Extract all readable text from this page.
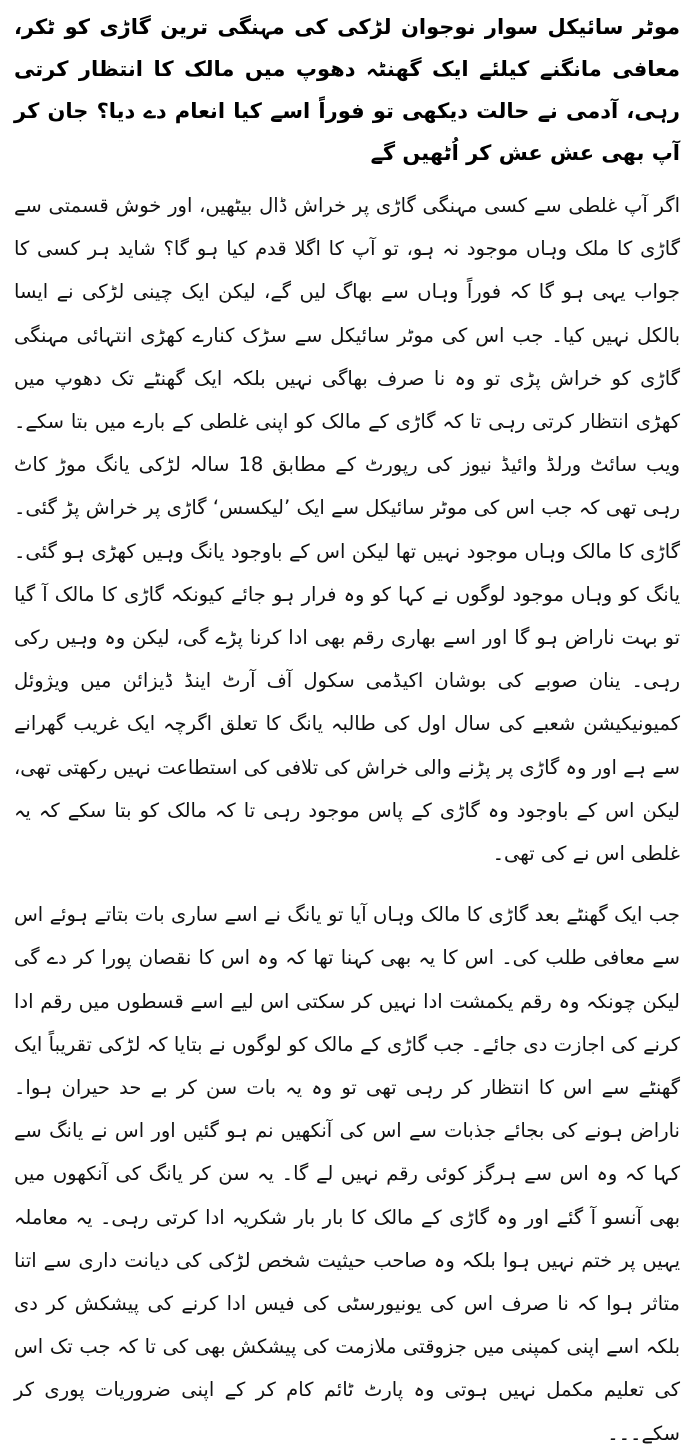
موٹر سائیکل سوار نوجوان لڑکی کی مہنگی ترین گاڑی کو ٹکر، معافی مانگنے کیلئے ایک گھنٹہ دھوپ میں مالک کا انتظار کرتی رہی، آدمی نے حالت دیکھی تو فوراً اسے کیا انعام دے دیا؟ جان کر آپ بھی عش عش کر اُٹھیں گے

اگر آپ غلطی سے کسی مہنگی گاڑی پر خراش ڈال بیٹھیں، اور خوش قسمتی سے گاڑی کا ملک وہاں موجود نہ ہو، تو آپ کا اگلا قدم کیا ہو گا؟ شاید ہر کسی کا جواب یہی ہو گا کہ فوراً وہاں سے بھاگ لیں گے، لیکن ایک چینی لڑکی نے ایسا بالکل نہیں کیا۔ جب اس کی موٹر سائیکل سے سڑک کنارے کھڑی انتہائی مہنگی گاڑی کو خراش پڑی تو وہ نا صرف بھاگی نہیں بلکہ ایک گھنٹے تک دھوپ میں کھڑی انتظار کرتی رہی تا کہ گاڑی کے مالک کو اپنی غلطی کے بارے میں بتا سکے۔ ویب سائٹ ورلڈ وائیڈ نیوز کی رپورٹ کے مطابق 18 سالہ لڑکی یانگ موڑ کاٹ رہی تھی کہ جب اس کی موٹر سائیکل سے ایک ’لیکسس‘ گاڑی پر خراش پڑ گئی۔ گاڑی کا مالک وہاں موجود نہیں تھا لیکن اس کے باوجود یانگ وہیں کھڑی ہو گئی۔ یانگ کو وہاں موجود لوگوں نے کہا کو وہ فرار ہو جائے کیونکہ گاڑی کا مالک آ گیا تو بہت ناراض ہو گا اور اسے بھاری رقم بھی ادا کرنا پڑے گی، لیکن وہ وہیں رکی رہی۔ ینان صوبے کی بوشان اکیڈمی سکول آف آرٹ اینڈ ڈیزائن میں ویژوئل کمیونیکیشن شعبے کی سال اول کی طالبہ یانگ کا تعلق اگرچہ ایک غریب گھرانے سے ہے اور وہ گاڑی پر پڑنے والی خراش کی تلافی کی استطاعت نہیں رکھتی تھی، لیکن اس کے باوجود وہ گاڑی کے پاس موجود رہی تا کہ مالک کو بتا سکے کہ یہ غلطی اس نے کی تھی۔

جب ایک گھنٹے بعد گاڑی کا مالک وہاں آیا تو یانگ نے اسے ساری بات بتاتے ہوئے اس سے معافی طلب کی۔ اس کا یہ بھی کہنا تھا کہ وہ اس کا نقصان پورا کر دے گی لیکن چونکہ وہ رقم یکمشت ادا نہیں کر سکتی اس لیے اسے قسطوں میں رقم ادا کرنے کی اجازت دی جائے۔ جب گاڑی کے مالک کو لوگوں نے بتایا کہ لڑکی تقریباً ایک گھنٹے سے اس کا انتظار کر رہی تھی تو وہ یہ بات سن کر بے حد حیران ہوا۔ ناراض ہونے کی بجائے جذبات سے اس کی آنکھیں نم ہو گئیں اور اس نے یانگ سے کہا کہ وہ اس سے ہرگز کوئی رقم نہیں لے گا۔ یہ سن کر یانگ کی آنکھوں میں بھی آنسو آ گئے اور وہ گاڑی کے مالک کا بار بار شکریہ ادا کرتی رہی۔ یہ معاملہ یہیں پر ختم نہیں ہوا بلکہ وہ صاحب حیثیت شخص لڑکی کی دیانت داری سے اتنا متاثر ہوا کہ نا صرف اس کی یونیورسٹی کی فیس ادا کرنے کی پیشکش کر دی بلکہ اسے اپنی کمپنی میں جزوقتی ملازمت کی پیشکش بھی کی تا کہ جب تک اس کی تعلیم مکمل نہیں ہوتی وہ پارٹ ٹائم کام کر کے اپنی ضروریات پوری کر سکے۔۔۔
